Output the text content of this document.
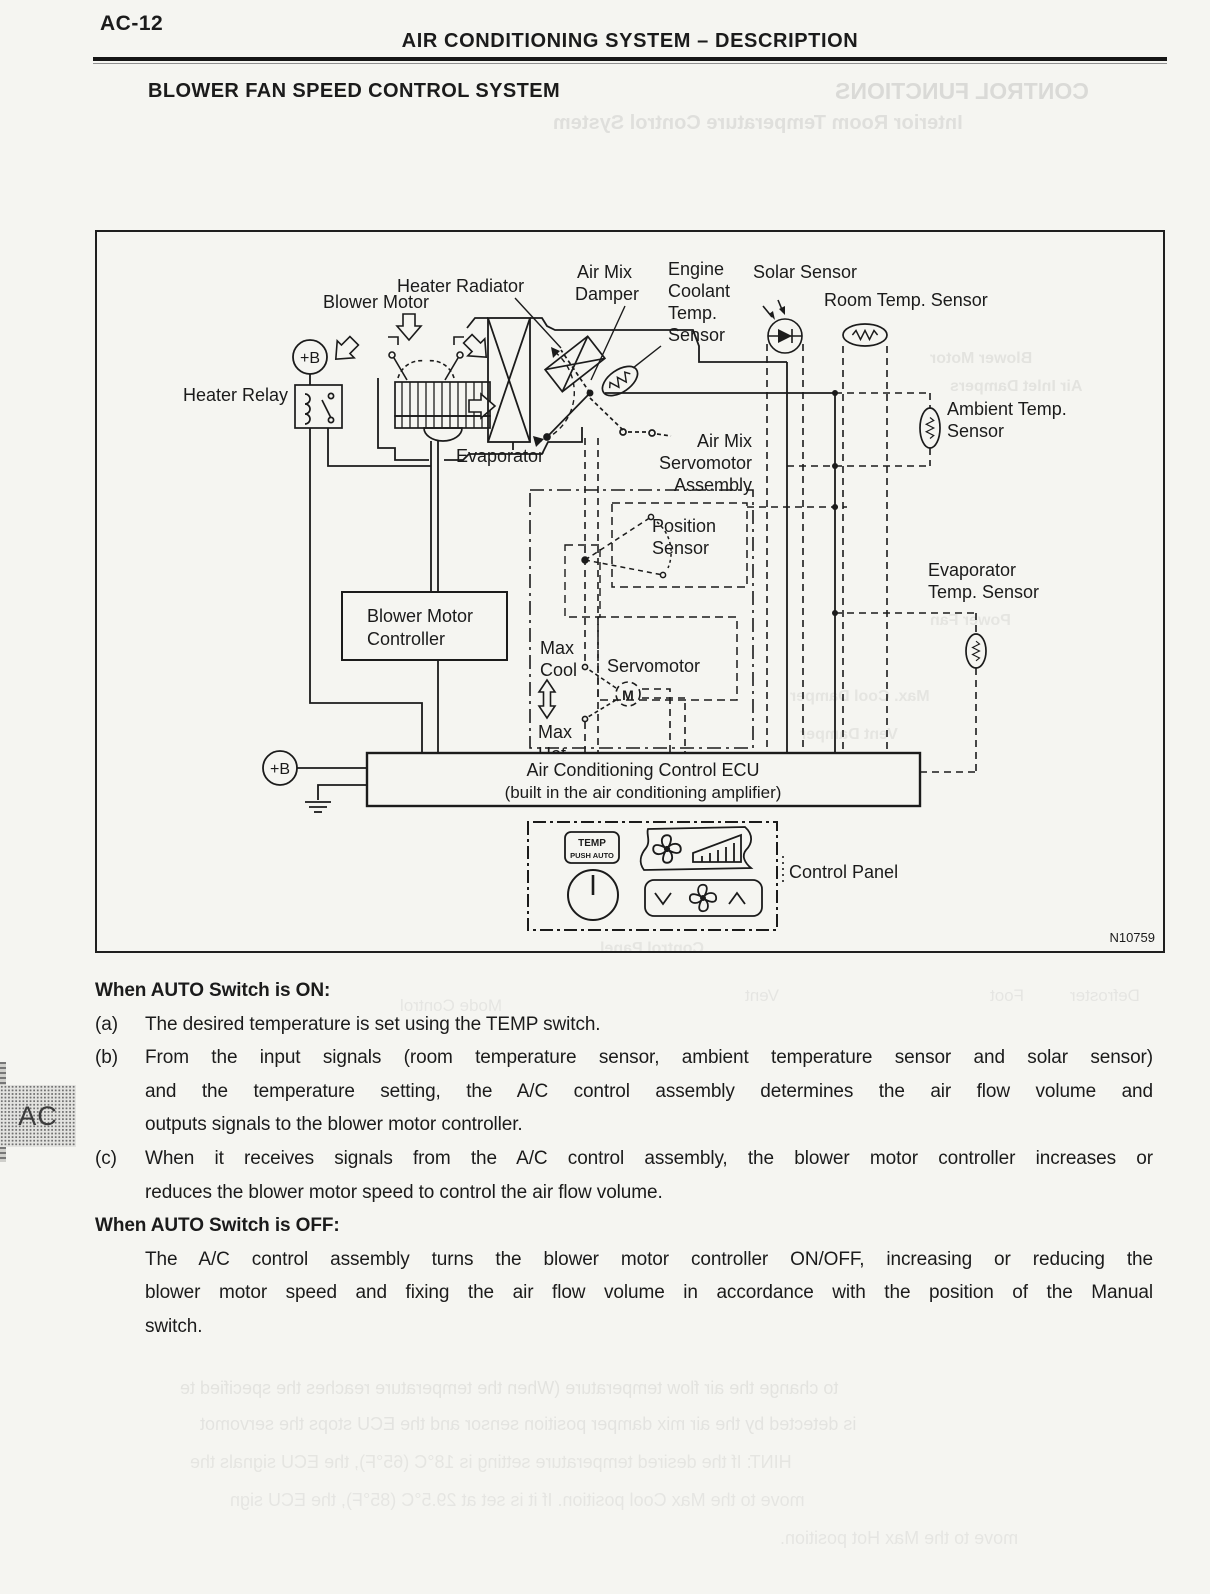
AC-12
AIR CONDITIONING SYSTEM – DESCRIPTION
BLOWER FAN SPEED CONTROL SYSTEM	CONTROL FUNCTIONS
Interior Room Temperature Control System
Blower Motor
Air Inlet Dampers
Power Fan
Max. Cool Damper
Vent Damper
Control Panel
Mode Control
Vent	Foot	Defroster
to change the air flow temperature (When the temperature reaches the specified te
is detected by the air mix damper position sensor and the ECU stops the servomot
HINT: If the desired temperature setting is 18°C (65°F), the ECU signals the
move to the Max Cool position. If it is set at 29.5°C (85°F), the ECU sign
move to the Max Hot position.
N10759
+B
Heater Relay
Blower Motor
Evaporator
Heater Radiator
Air Mix
Damper
Engine
Coolant
Temp.
Sensor
Solar Sensor
Room Temp. Sensor
Ambient Temp.
Sensor
Evaporator
Temp. Sensor
Air Mix
Servomotor
Assembly
Position
Sensor
Max
Cool
Max
Servomotor
M
Blower Motor
Controller
Air Conditioning Control ECU
(built in the air conditioning amplifier)
+B
TEMP
PUSH AUTO
Control Panel
When AUTO Switch is ON:
(a) The desired temperature is set using the TEMP switch.
(b) From the input signals (room temperature sensor, ambient temperature sensor and solar sensor)
and the temperature setting, the A/C control assembly determines the air flow volume and
outputs signals to the blower motor controller.
(c) When it receives signals from the A/C control assembly, the blower motor controller increases or
reduces the blower motor speed to control the air flow volume.
When AUTO Switch is OFF:
The A/C control assembly turns the blower motor controller ON/OFF, increasing or reducing the
blower motor speed and fixing the air flow volume in accordance with the position of the Manual
switch.
AC
